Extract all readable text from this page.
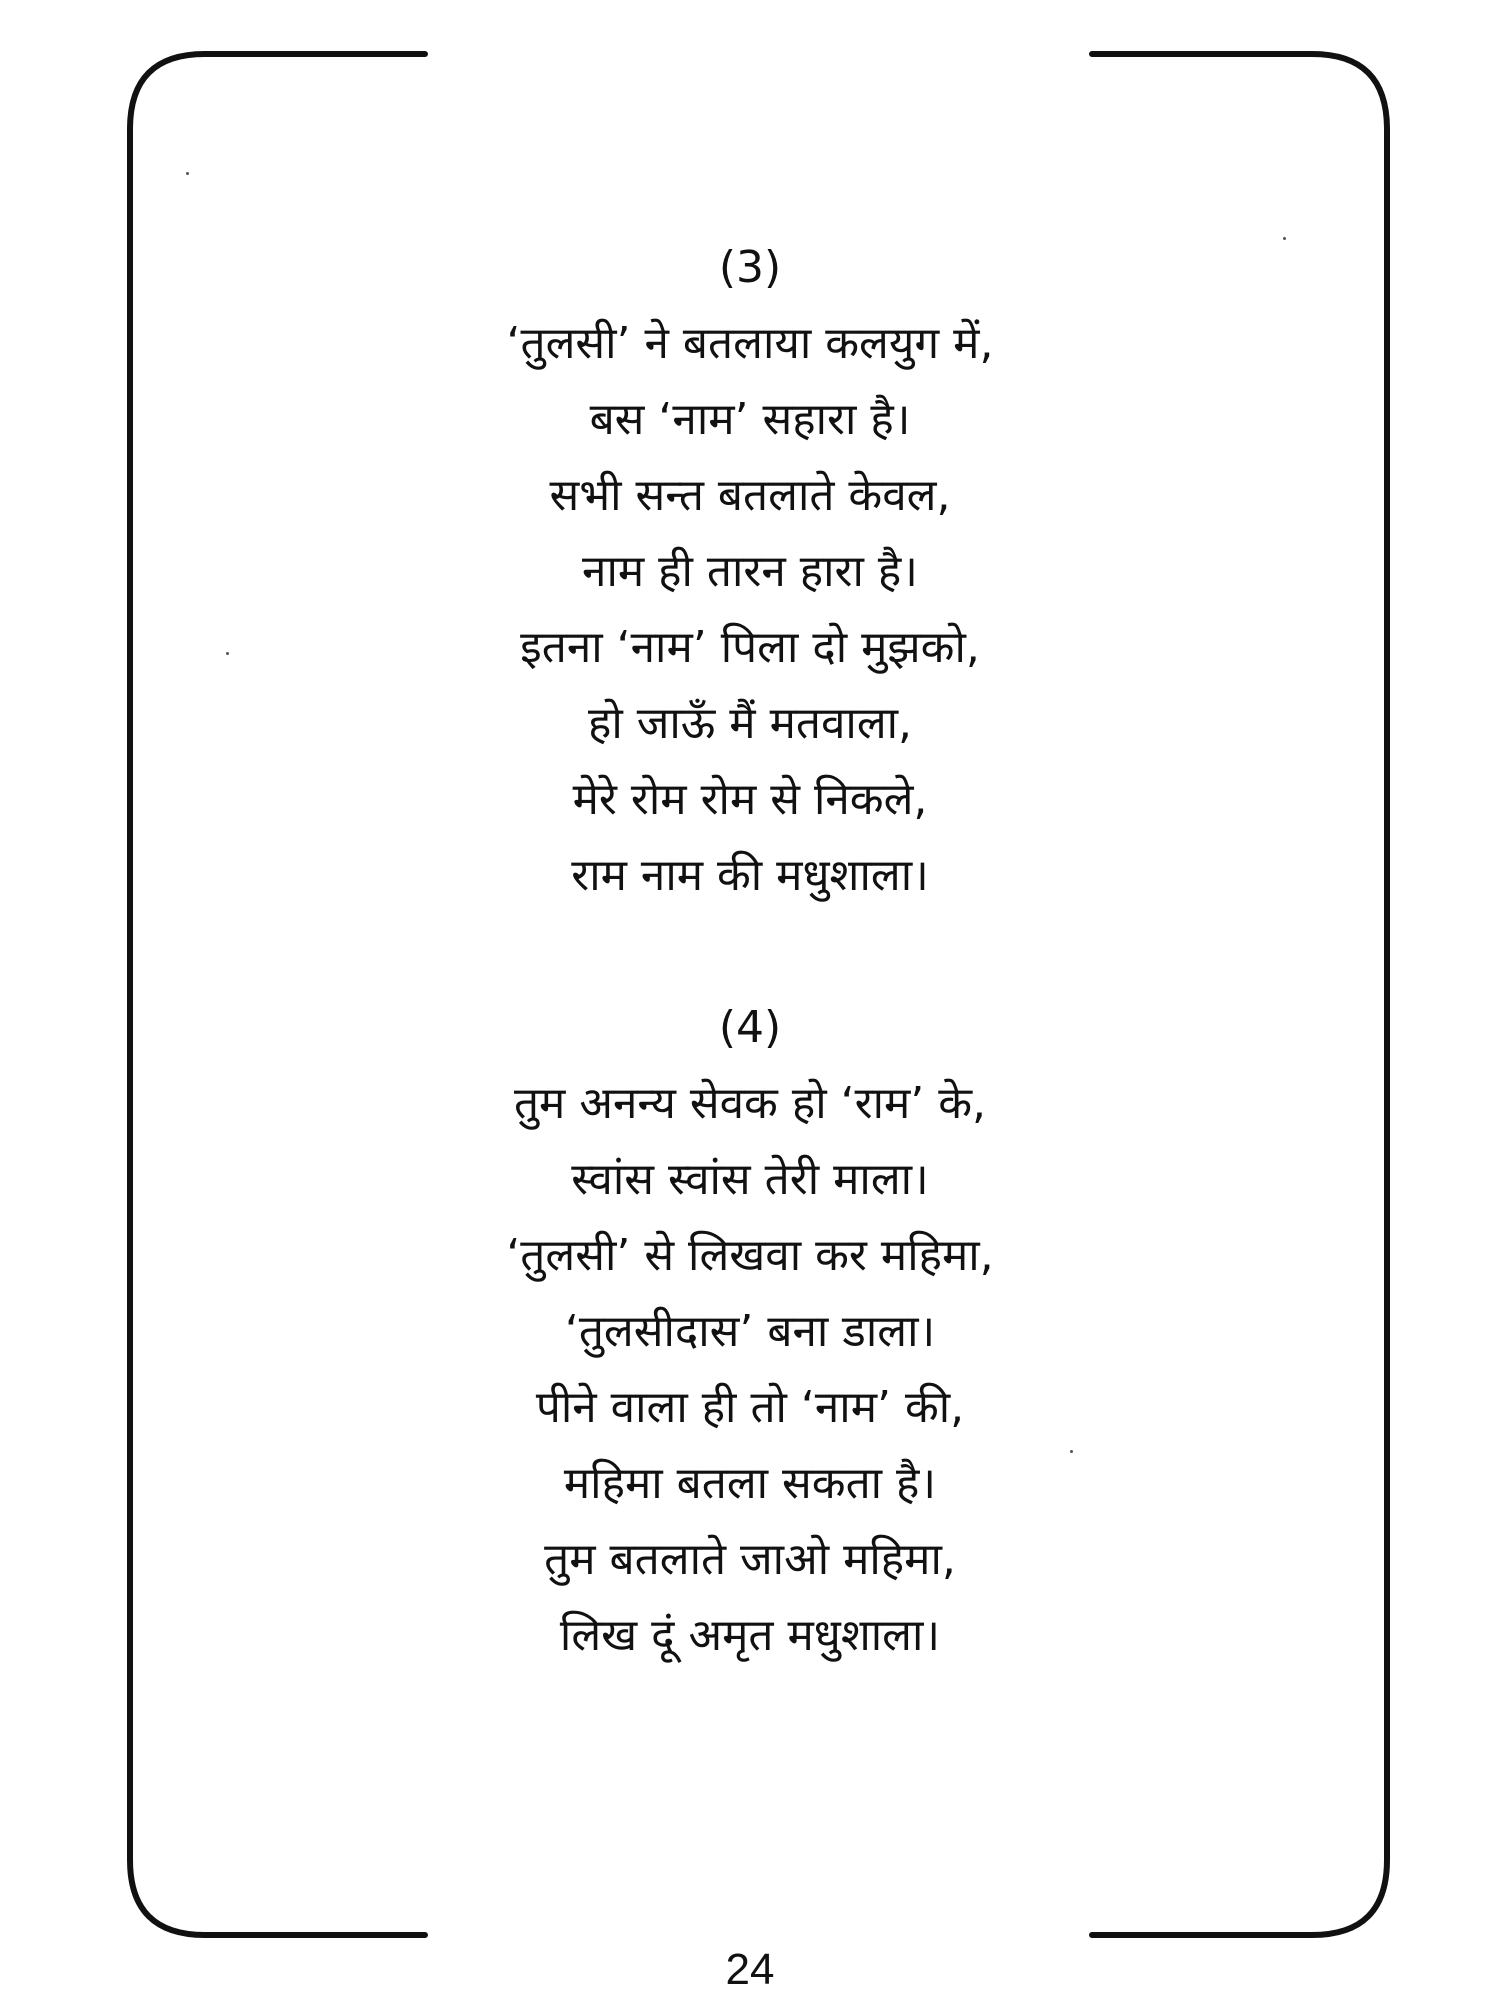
(3)
‘तुलसी’ ने बतलाया कलयुग में,
बस ‘नाम’ सहारा है।
सभी सन्त बतलाते केवल,
नाम ही तारन हारा है।
इतना ‘नाम’ पिला दो मुझको,
हो जाऊँ मैं मतवाला,
मेरे रोम रोम से निकले,
राम नाम की मधुशाला।
(4)
तुम अनन्य सेवक हो ‘राम’ के,
स्वांस स्वांस तेरी माला।
‘तुलसी’ से लिखवा कर महिमा,
‘तुलसीदास’ बना डाला।
पीने वाला ही तो ‘नाम’ की,
महिमा बतला सकता है।
तुम बतलाते जाओ महिमा,
लिख दूं अमृत मधुशाला।
24
